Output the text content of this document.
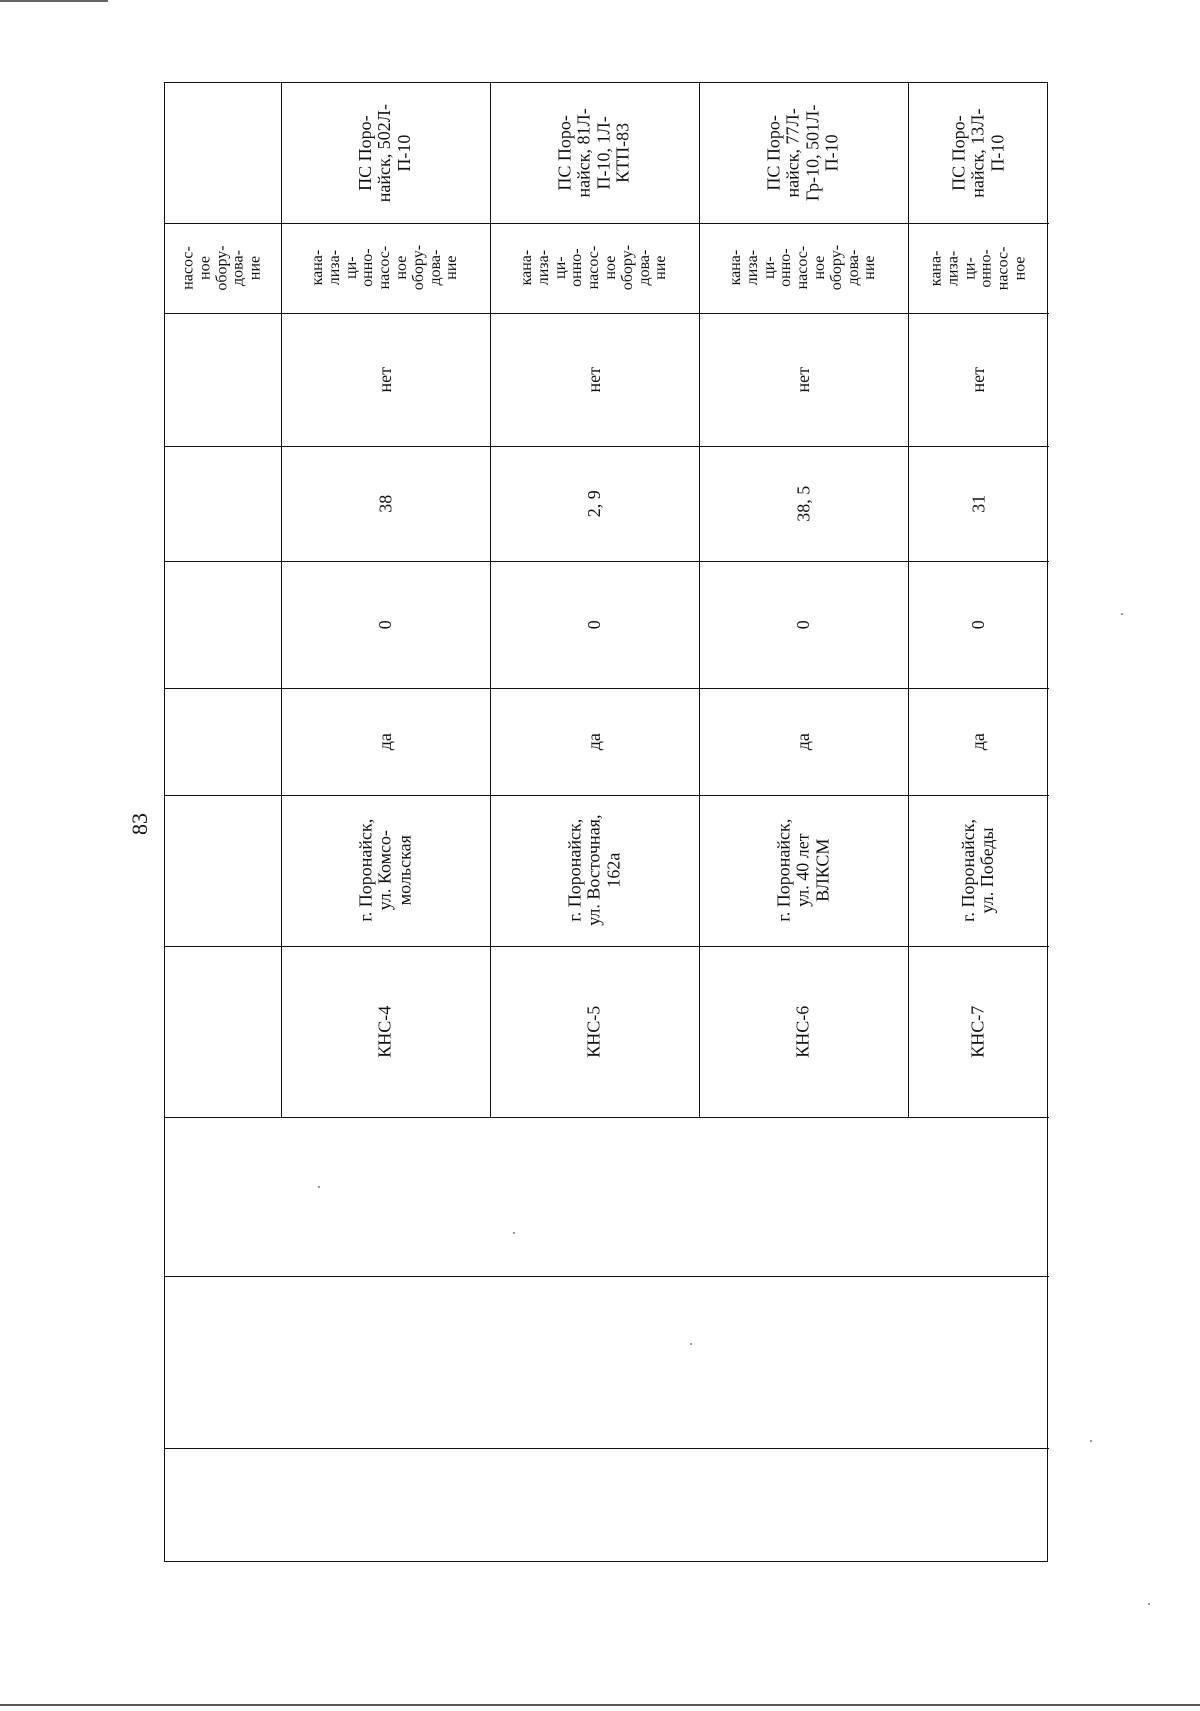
83
насос-
ное
обору-
дова-
ние
ПС Поро-
найск, 502Л-
П-10
кана-
лиза-
ци-
онно-
насос-
ное
обору-
дова-
ние
нет
38
0
да
г. Поронайск,
ул. Комсо-
мольская
КНС-4
ПС Поро-
найск, 81Л-
П-10, 1Л-
КТП-83
кана-
лиза-
ци-
онно-
насос-
ное
обору-
дова-
ние
нет
2, 9
0
да
г. Поронайск,
ул. Восточная,
162а
КНС-5
ПС Поро-
найск, 77Л-
Гр-10, 501Л-
П-10
кана-
лиза-
ци-
онно-
насос-
ное
обору-
дова-
ние
нет
38, 5
0
да
г. Поронайск,
ул. 40 лет
ВЛКСМ
КНС-6
ПС Поро-
найск, 13Л-
П-10
кана-
лиза-
ци-
онно-
насос-
ное
нет
31
0
да
г. Поронайск,
ул. Победы
КНС-7
